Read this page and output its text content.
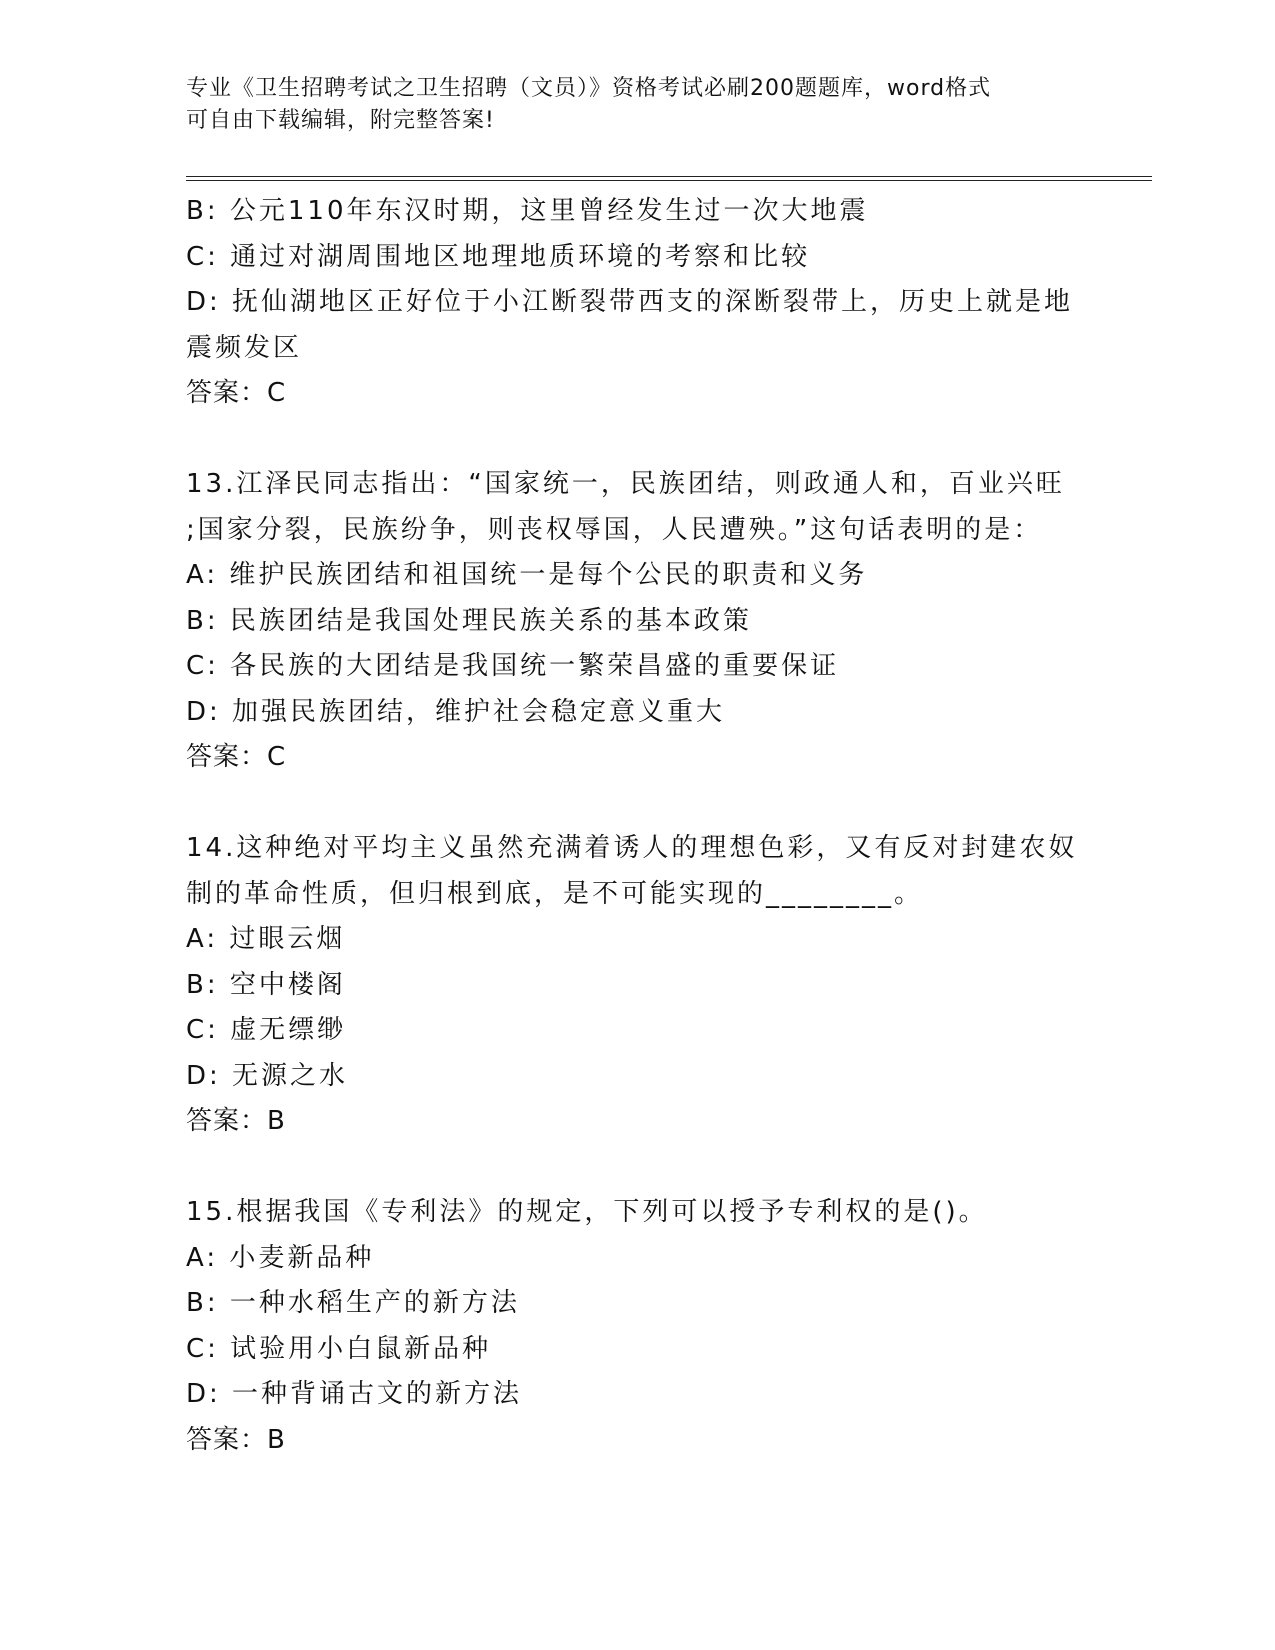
专业《卫生招聘考试之卫生招聘（文员）》资格考试必刷200题题库，word格式
可自由下载编辑，附完整答案!
B: 公元110年东汉时期，这里曾经发生过一次大地震
C: 通过对湖周围地区地理地质环境的考察和比较
D: 抚仙湖地区正好位于小江断裂带西支的深断裂带上，历史上就是地
震频发区
答案：C
13.江泽民同志指出：“国家统一，民族团结，则政通人和，百业兴旺
;国家分裂，民族纷争，则丧权辱国，人民遭殃。”这句话表明的是：
A: 维护民族团结和祖国统一是每个公民的职责和义务
B: 民族团结是我国处理民族关系的基本政策
C: 各民族的大团结是我国统一繁荣昌盛的重要保证
D: 加强民族团结，维护社会稳定意义重大
答案：C
14.这种绝对平均主义虽然充满着诱人的理想色彩，又有反对封建农奴
制的革命性质，但归根到底，是不可能实现的________。
A: 过眼云烟
B: 空中楼阁
C: 虚无缥缈
D: 无源之水
答案：B
15.根据我国《专利法》的规定，下列可以授予专利权的是()。
A: 小麦新品种
B: 一种水稻生产的新方法
C: 试验用小白鼠新品种
D: 一种背诵古文的新方法
答案：B
